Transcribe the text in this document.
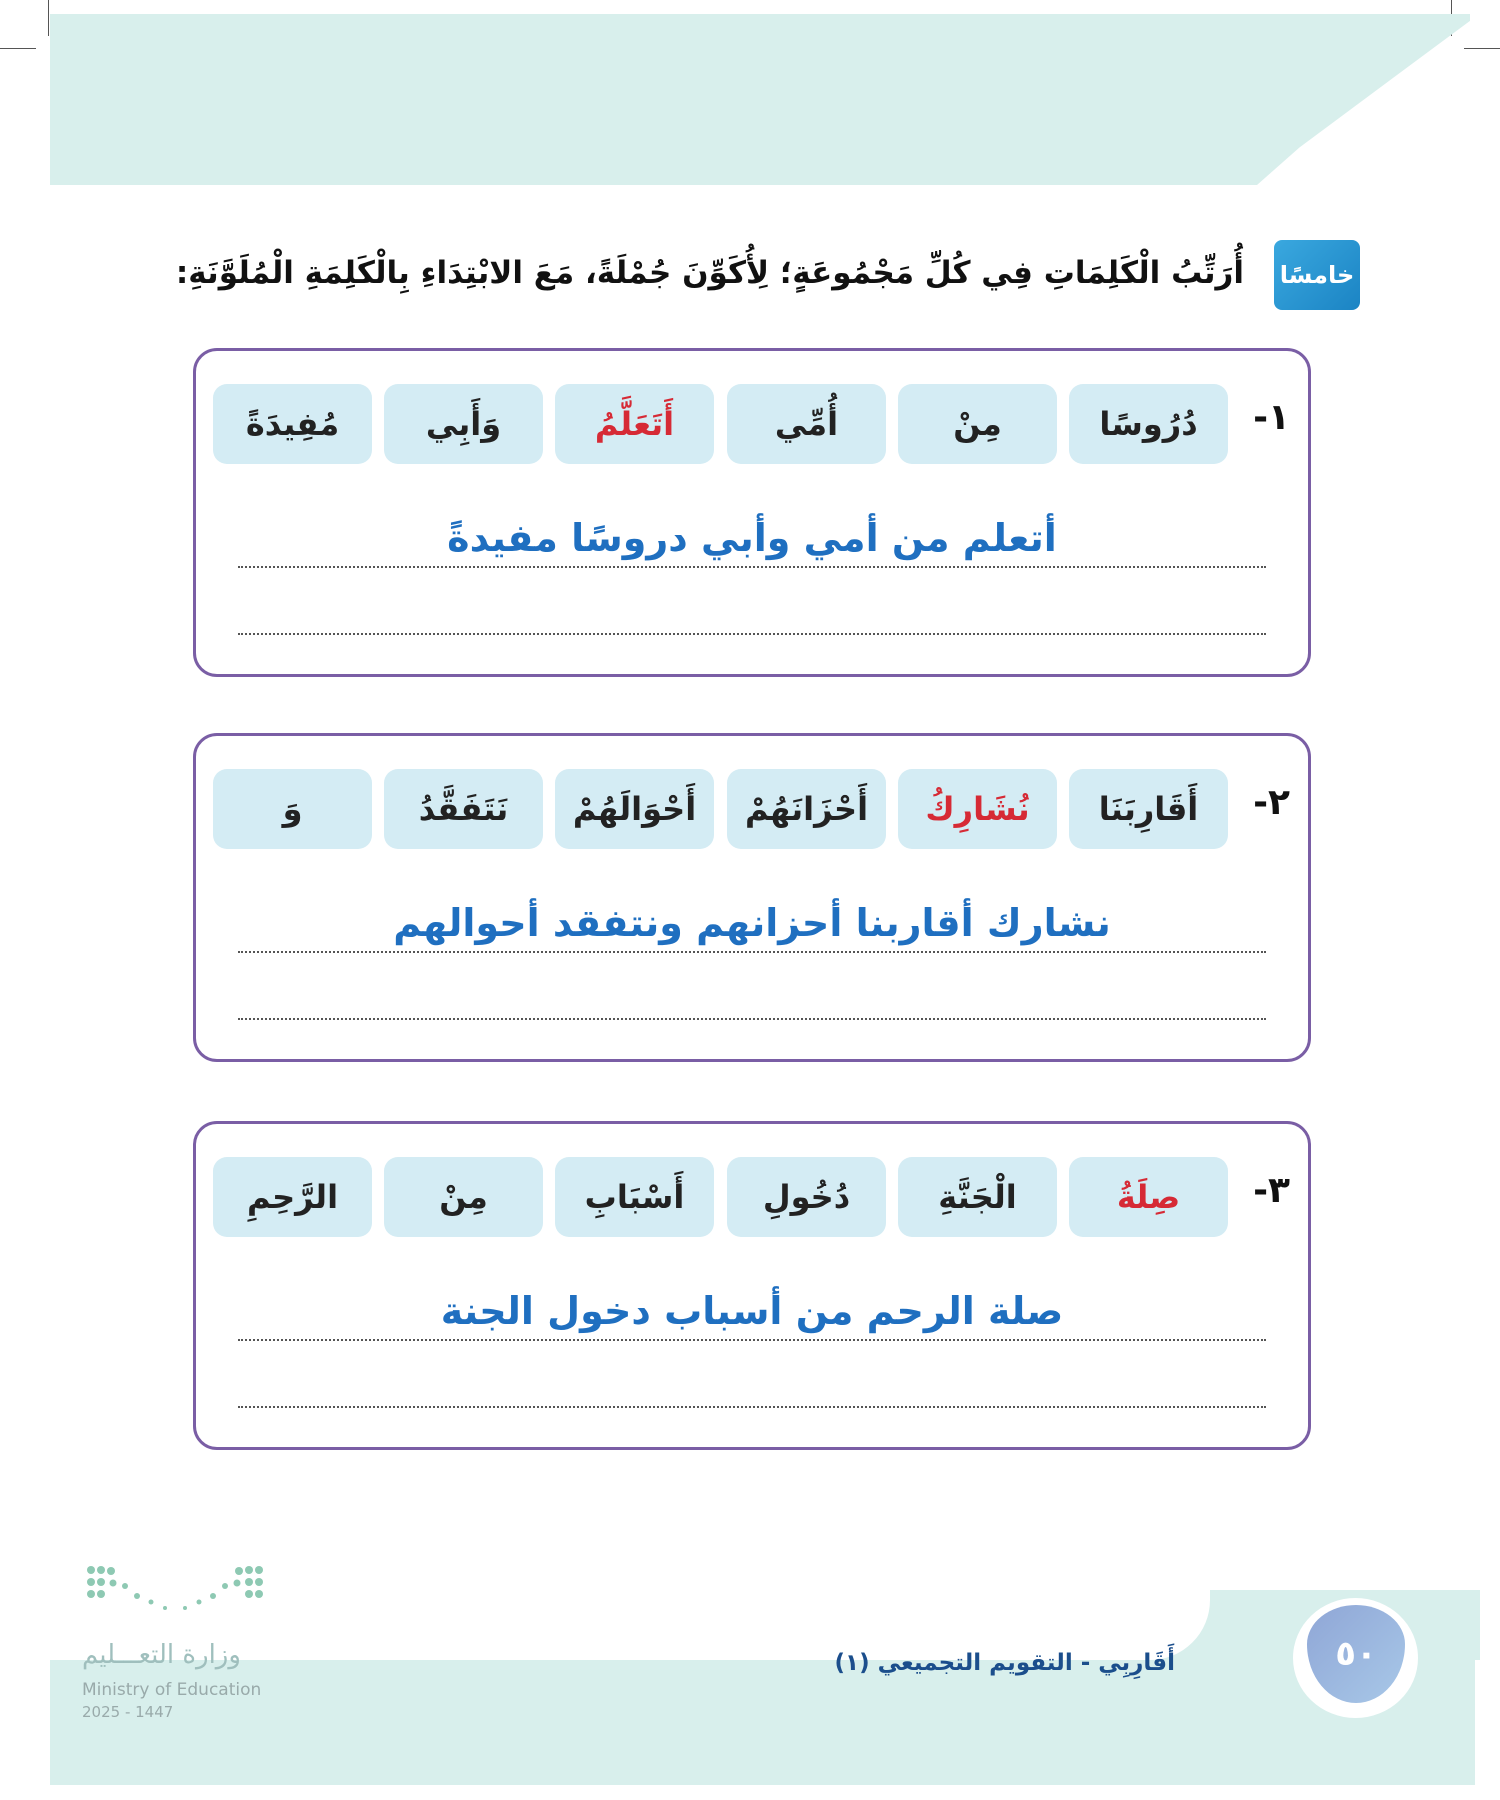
خامسًا
أُرَتِّبُ الْكَلِمَاتِ فِي كُلِّ مَجْمُوعَةٍ؛ لِأُكَوِّنَ جُمْلَةً، مَعَ الابْتِدَاءِ بِالْكَلِمَةِ الْمُلَوَّنَةِ:
١-
دُرُوسًا
مِنْ
أُمِّي
أَتَعَلَّمُ
وَأَبِي
مُفِيدَةً
أتعلم من أمي وأبي دروسًا مفيدةً
٢-
أَقَارِبَنَا
نُشَارِكُ
أَحْزَانَهُمْ
أَحْوَالَهُمْ
نَتَفَقَّدُ
وَ
نشارك أقاربنا أحزانهم ونتفقد أحوالهم
٣-
صِلَةُ
الْجَنَّةِ
دُخُولِ
أَسْبَابِ
مِنْ
الرَّحِمِ
صلة الرحم من أسباب دخول الجنة
٥٠
أَقَارِبِي - التقويم التجميعي (١)
وزارة التعـــليم
Ministry of Education
2025 - 1447
